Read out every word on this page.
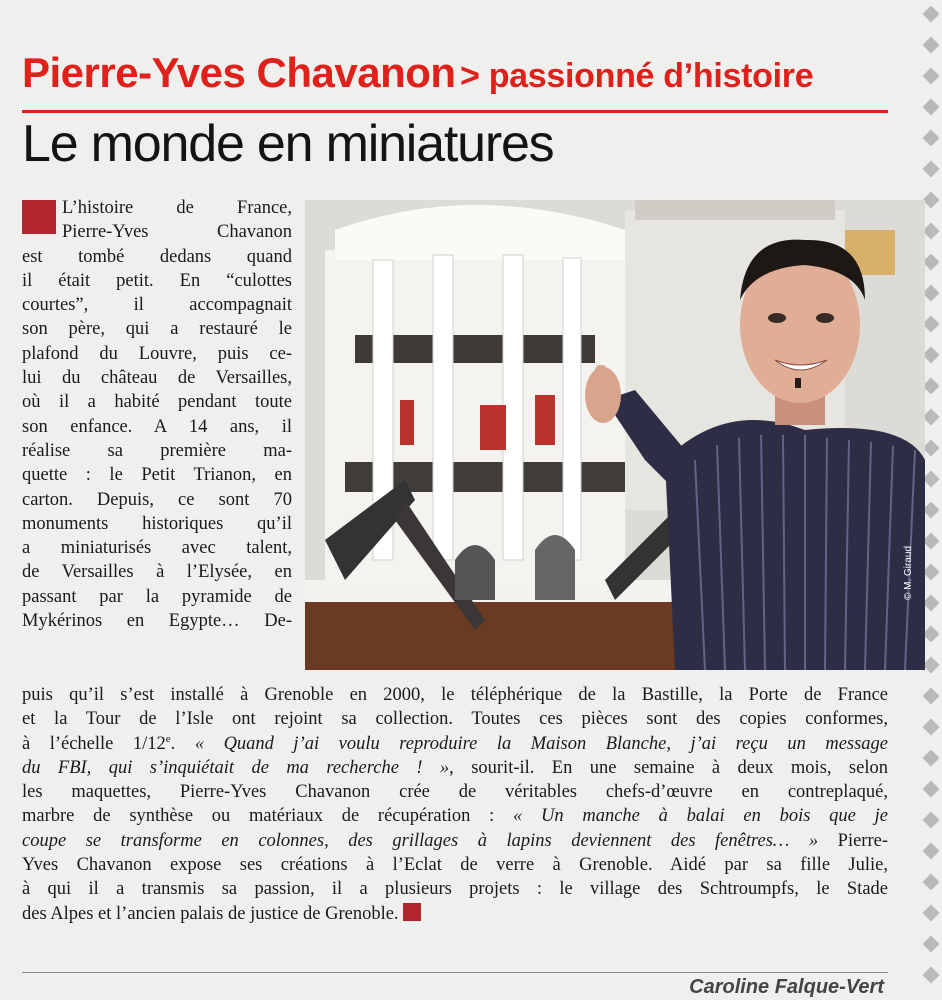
Pierre-Yves Chavanon > passionné d’histoire
Le monde en miniatures
© M. Giraud
L’histoire de France,
Pierre-Yves Chavanon
est tombé dedans quand
il était petit. En “culottes
courtes”, il accompagnait
son père, qui a restauré le
plafond du Louvre, puis ce-
lui du château de Versailles,
où il a habité pendant toute
son enfance. A 14 ans, il
réalise sa première ma-
quette : le Petit Trianon, en
carton. Depuis, ce sont 70
monuments historiques qu’il
a miniaturisés avec talent,
de Versailles à l’Elysée, en
passant par la pyramide de
Mykérinos en Egypte… De-
puis qu’il s’est installé à Grenoble en 2000, le téléphérique de la Bastille, la Porte de France
et la Tour de l’Isle ont rejoint sa collection. Toutes ces pièces sont des copies conformes,
à l’échelle 1/12e. « Quand j’ai voulu reproduire la Maison Blanche, j’ai reçu un message
du FBI, qui s’inquiétait de ma recherche ! », sourit-il. En une semaine à deux mois, selon
les maquettes, Pierre-Yves Chavanon crée de véritables chefs-d’œuvre en contreplaqué,
marbre de synthèse ou matériaux de récupération : « Un manche à balai en bois que je
coupe se transforme en colonnes, des grillages à lapins deviennent des fenêtres… » Pierre-
Yves Chavanon expose ses créations à l’Eclat de verre à Grenoble. Aidé par sa fille Julie,
à qui il a transmis sa passion, il a plusieurs projets : le village des Schtroumpfs, le Stade
des Alpes et l’ancien palais de justice de Grenoble.
Caroline Falque-Vert
